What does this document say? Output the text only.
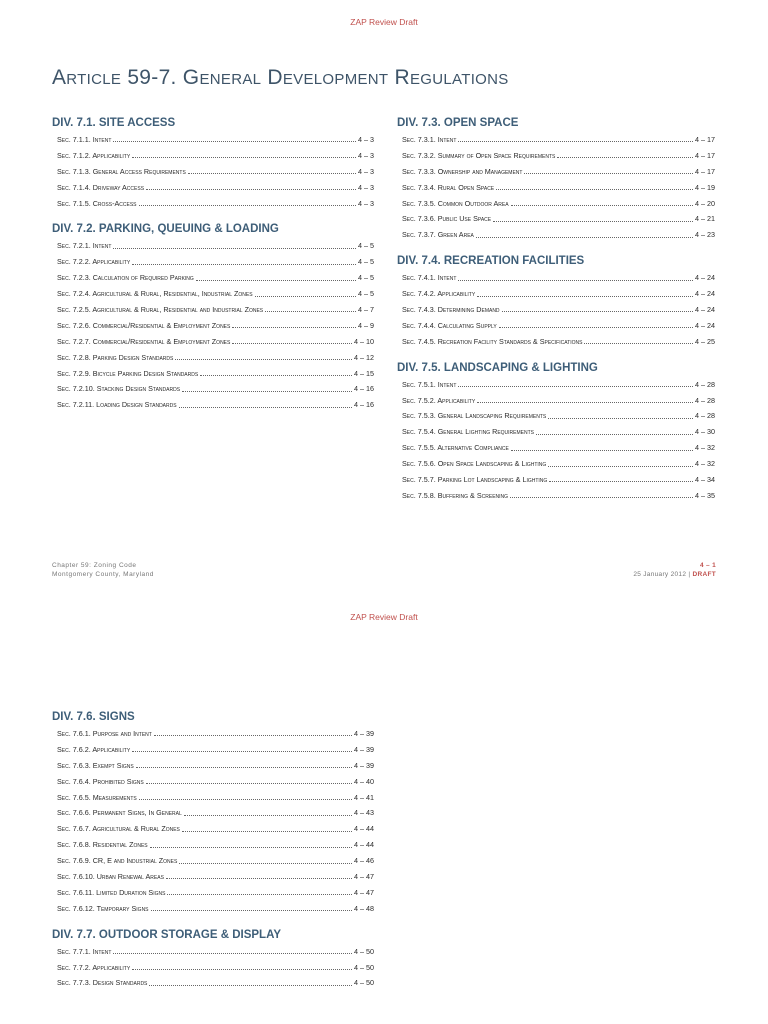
ZAP Review Draft
Article 59-7. General Development Regulations
DIV. 7.1. SITE ACCESS
Sec. 7.1.1. Intent	4 – 3
Sec. 7.1.2. Applicability	4 – 3
Sec. 7.1.3. General Access Requirements	4 – 3
Sec. 7.1.4. Driveway Access	4 – 3
Sec. 7.1.5. Cross-Access	4 – 3
DIV. 7.2. PARKING, QUEUING & LOADING
Sec. 7.2.1. Intent	4 – 5
Sec. 7.2.2. Applicability	4 – 5
Sec. 7.2.3. Calculation of Required Parking	4 – 5
Sec. 7.2.4. Agricultural & Rural, Residential, Industrial Zones	4 – 5
Sec. 7.2.5. Agricultural & Rural, Residential and Industrial Zones	4 – 7
Sec. 7.2.6. Commercial/Residential & Employment Zones	4 – 9
Sec. 7.2.7. Commercial/Residential & Employment Zones	4 – 10
Sec. 7.2.8. Parking Design Standards	4 – 12
Sec. 7.2.9. Bicycle Parking Design Standards	4 – 15
Sec. 7.2.10. Stacking Design Standards	4 – 16
Sec. 7.2.11. Loading Design Standards	4 – 16
DIV. 7.3. OPEN SPACE
Sec. 7.3.1. Intent	4 – 17
Sec. 7.3.2. Summary of Open Space Requirements	4 – 17
Sec. 7.3.3. Ownership and Management	4 – 17
Sec. 7.3.4. Rural Open Space	4 – 19
Sec. 7.3.5. Common Outdoor Area	4 – 20
Sec. 7.3.6. Public Use Space	4 – 21
Sec. 7.3.7. Green Area	4 – 23
DIV. 7.4. RECREATION FACILITIES
Sec. 7.4.1. Intent	4 – 24
Sec. 7.4.2. Applicability	4 – 24
Sec. 7.4.3. Determining Demand	4 – 24
Sec. 7.4.4. Calculating Supply	4 – 24
Sec. 7.4.5. Recreation Facility Standards & Specifications	4 – 25
DIV. 7.5. LANDSCAPING & LIGHTING
Sec. 7.5.1. Intent	4 – 28
Sec. 7.5.2. Applicability	4 – 28
Sec. 7.5.3. General Landscaping Requirements	4 – 28
Sec. 7.5.4. General Lighting Requirements	4 – 30
Sec. 7.5.5. Alternative Compliance	4 – 32
Sec. 7.5.6. Open Space Landscaping & Lighting	4 – 32
Sec. 7.5.7. Parking Lot Landscaping & Lighting	4 – 34
Sec. 7.5.8. Buffering & Screening	4 – 35
Chapter 59: Zoning Code
Montgomery County, Maryland
4 – 1
25 January 2012 | DRAFT
ZAP Review Draft
DIV. 7.6. SIGNS
Sec. 7.6.1. Purpose and Intent	4 – 39
Sec. 7.6.2. Applicability	4 – 39
Sec. 7.6.3. Exempt Signs	4 – 39
Sec. 7.6.4. Prohibited Signs	4 – 40
Sec. 7.6.5. Measurements	4 – 41
Sec. 7.6.6. Permanent Signs, In General	4 – 43
Sec. 7.6.7. Agricultural & Rural Zones	4 – 44
Sec. 7.6.8. Residential Zones	4 – 44
Sec. 7.6.9. CR, E and Industrial Zones	4 – 46
Sec. 7.6.10. Urban Renewal Areas	4 – 47
Sec. 7.6.11. Limited Duration Signs	4 – 47
Sec. 7.6.12. Temporary Signs	4 – 48
DIV. 7.7. OUTDOOR STORAGE & DISPLAY
Sec. 7.7.1. Intent	4 – 50
Sec. 7.7.2. Applicability	4 – 50
Sec. 7.7.3. Design Standards	4 – 50
